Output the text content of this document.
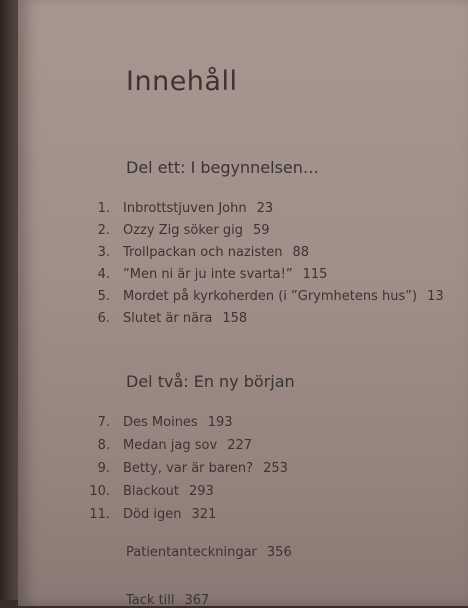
Innehåll
Del ett: I begynnelsen…
1. Inbrottstjuven John 23
2. Ozzy Zig söker gig 59
3. Trollpackan och nazisten 88
4. ”Men ni är ju inte svarta!” 115
5. Mordet på kyrkoherden (i ”Grymhetens hus”) 13
6. Slutet är nära 158
Del två: En ny början
7. Des Moines 193
8. Medan jag sov 227
9. Betty, var är baren? 253
10. Blackout 293
11. Död igen 321
Patientanteckningar 356
Tack till 367
